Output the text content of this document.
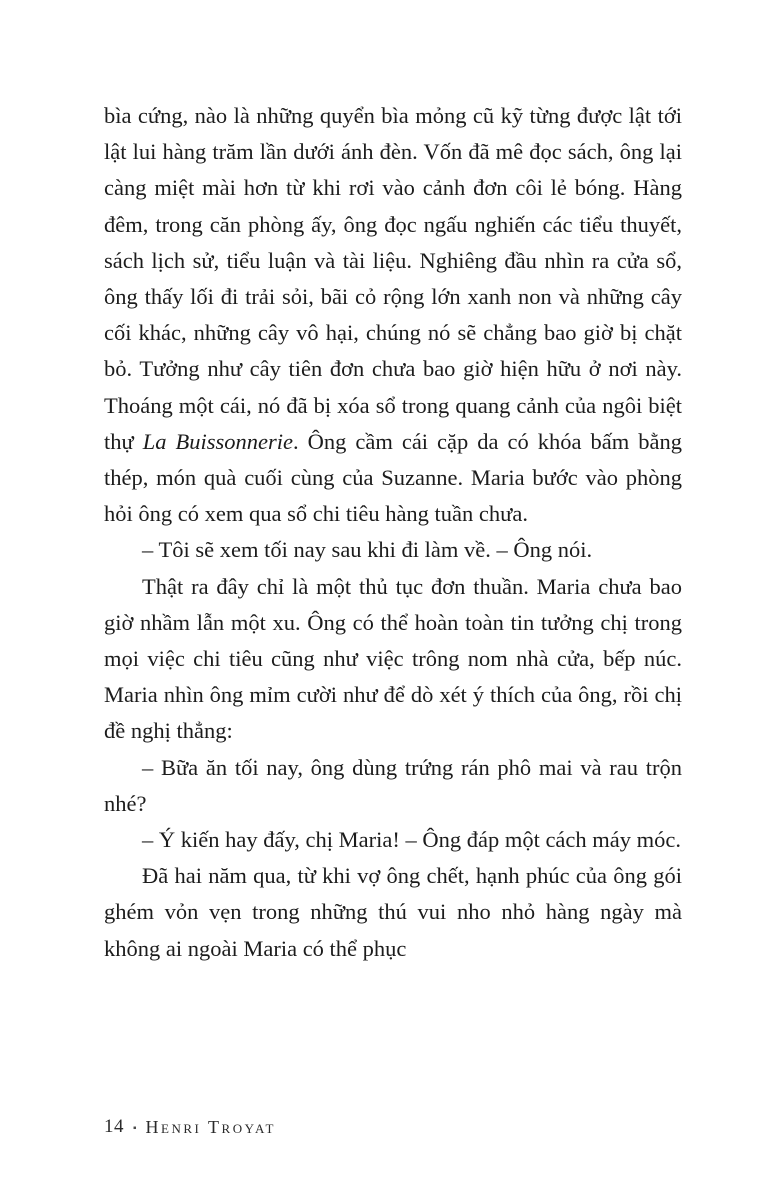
bìa cứng, nào là những quyển bìa mỏng cũ kỹ từng được lật tới lật lui hàng trăm lần dưới ánh đèn. Vốn đã mê đọc sách, ông lại càng miệt mài hơn từ khi rơi vào cảnh đơn côi lẻ bóng. Hàng đêm, trong căn phòng ấy, ông đọc ngấu nghiến các tiểu thuyết, sách lịch sử, tiểu luận và tài liệu. Nghiêng đầu nhìn ra cửa sổ, ông thấy lối đi trải sỏi, bãi cỏ rộng lớn xanh non và những cây cối khác, những cây vô hại, chúng nó sẽ chẳng bao giờ bị chặt bỏ. Tưởng như cây tiên đơn chưa bao giờ hiện hữu ở nơi này. Thoáng một cái, nó đã bị xóa sổ trong quang cảnh của ngôi biệt thự La Buissonnerie. Ông cầm cái cặp da có khóa bấm bằng thép, món quà cuối cùng của Suzanne. Maria bước vào phòng hỏi ông có xem qua sổ chi tiêu hàng tuần chưa.

– Tôi sẽ xem tối nay sau khi đi làm về. – Ông nói.

Thật ra đây chỉ là một thủ tục đơn thuần. Maria chưa bao giờ nhầm lẫn một xu. Ông có thể hoàn toàn tin tưởng chị trong mọi việc chi tiêu cũng như việc trông nom nhà cửa, bếp núc. Maria nhìn ông mỉm cười như để dò xét ý thích của ông, rồi chị đề nghị thẳng:

– Bữa ăn tối nay, ông dùng trứng rán phô mai và rau trộn nhé?

– Ý kiến hay đấy, chị Maria! – Ông đáp một cách máy móc.

Đã hai năm qua, từ khi vợ ông chết, hạnh phúc của ông gói ghém vỏn vẹn trong những thú vui nho nhỏ hàng ngày mà không ai ngoài Maria có thể phục

14 ▪ Henri Troyat
